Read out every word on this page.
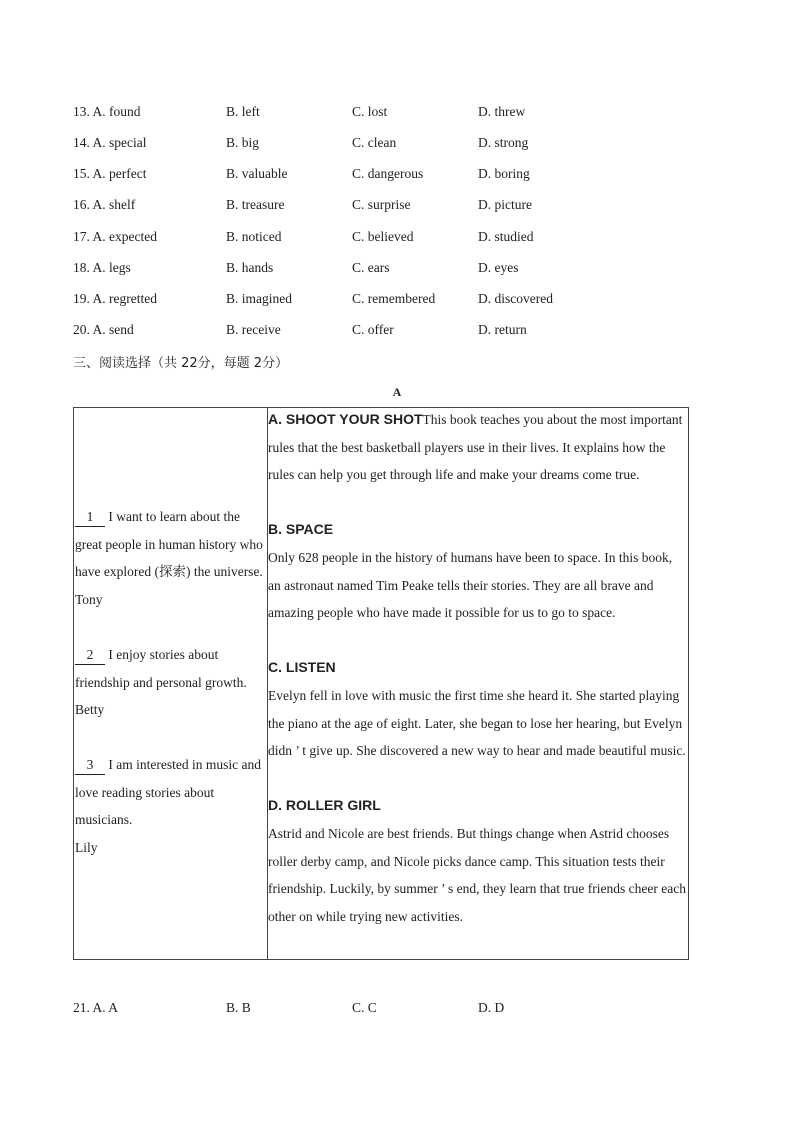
13. A. found	B. left	C. lost	D. threw
14. A. special	B. big	C. clean	D. strong
15. A. perfect	B. valuable	C. dangerous	D. boring
16. A. shelf	B. treasure	C. surprise	D. picture
17. A. expected	B. noticed	C. believed	D. studied
18. A. legs	B. hands	C. ears	D. eyes
19. A. regretted	B. imagined	C. remembered	D. discovered
20. A. send	B. receive	C. offer	D. return
三、阅读选择（共 22分，每题 2分）
A
1 I want to learn about the great people in human history who have explored (探索) the universe.
Tony
2 I enjoy stories about friendship and personal growth.
Betty
3 I am interested in music and love reading stories about musicians.
Lily
A. SHOOT YOUR SHOTThis book teaches you about the most important rules that the best basketball players use in their lives. It explains how the rules can help you get through life and make your dreams come true.
B. SPACE
Only 628 people in the history of humans have been to space. In this book, an astronaut named Tim Peake tells their stories. They are all brave and amazing people who have made it possible for us to go to space.
C. LISTEN
Evelyn fell in love with music the first time she heard it. She started playing the piano at the age of eight. Later, she began to lose her hearing, but Evelyn didn ’ t give up. She discovered a new way to hear and made beautiful music.
D. ROLLER GIRL
Astrid and Nicole are best friends. But things change when Astrid chooses roller derby camp, and Nicole picks dance camp. This situation tests their friendship. Luckily, by summer ’ s end, they learn that true friends cheer each other on while trying new activities.
21. A. A	B. B	C. C	D. D
